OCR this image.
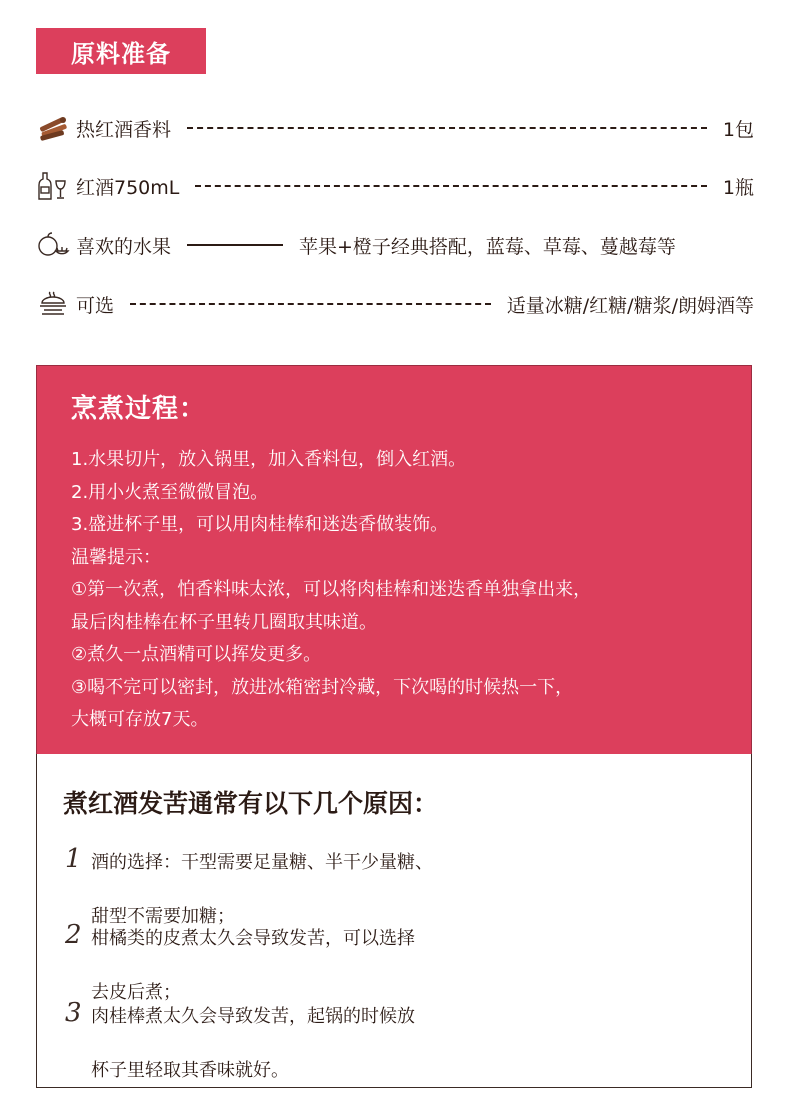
原料准备
热红酒香料	1包
红酒750mL	1瓶
喜欢的水果	苹果+橙子经典搭配，蓝莓、草莓、蔓越莓等
可选	适量冰糖/红糖/糖浆/朗姆酒等
烹煮过程：
1.水果切片，放入锅里，加入香料包，倒入红酒。
2.用小火煮至微微冒泡。
3.盛进杯子里，可以用肉桂棒和迷迭香做装饰。
温馨提示：
①第一次煮，怕香料味太浓，可以将肉桂棒和迷迭香单独拿出来，
最后肉桂棒在杯子里转几圈取其味道。
②煮久一点酒精可以挥发更多。
③喝不完可以密封，放进冰箱密封冷藏，下次喝的时候热一下，
大概可存放7天。
煮红酒发苦通常有以下几个原因：
1 酒的选择：干型需要足量糖、半干少量糖、
甜型不需要加糖；
2 柑橘类的皮煮太久会导致发苦，可以选择
去皮后煮；
3 肉桂棒煮太久会导致发苦，起锅的时候放
杯子里轻取其香味就好。
